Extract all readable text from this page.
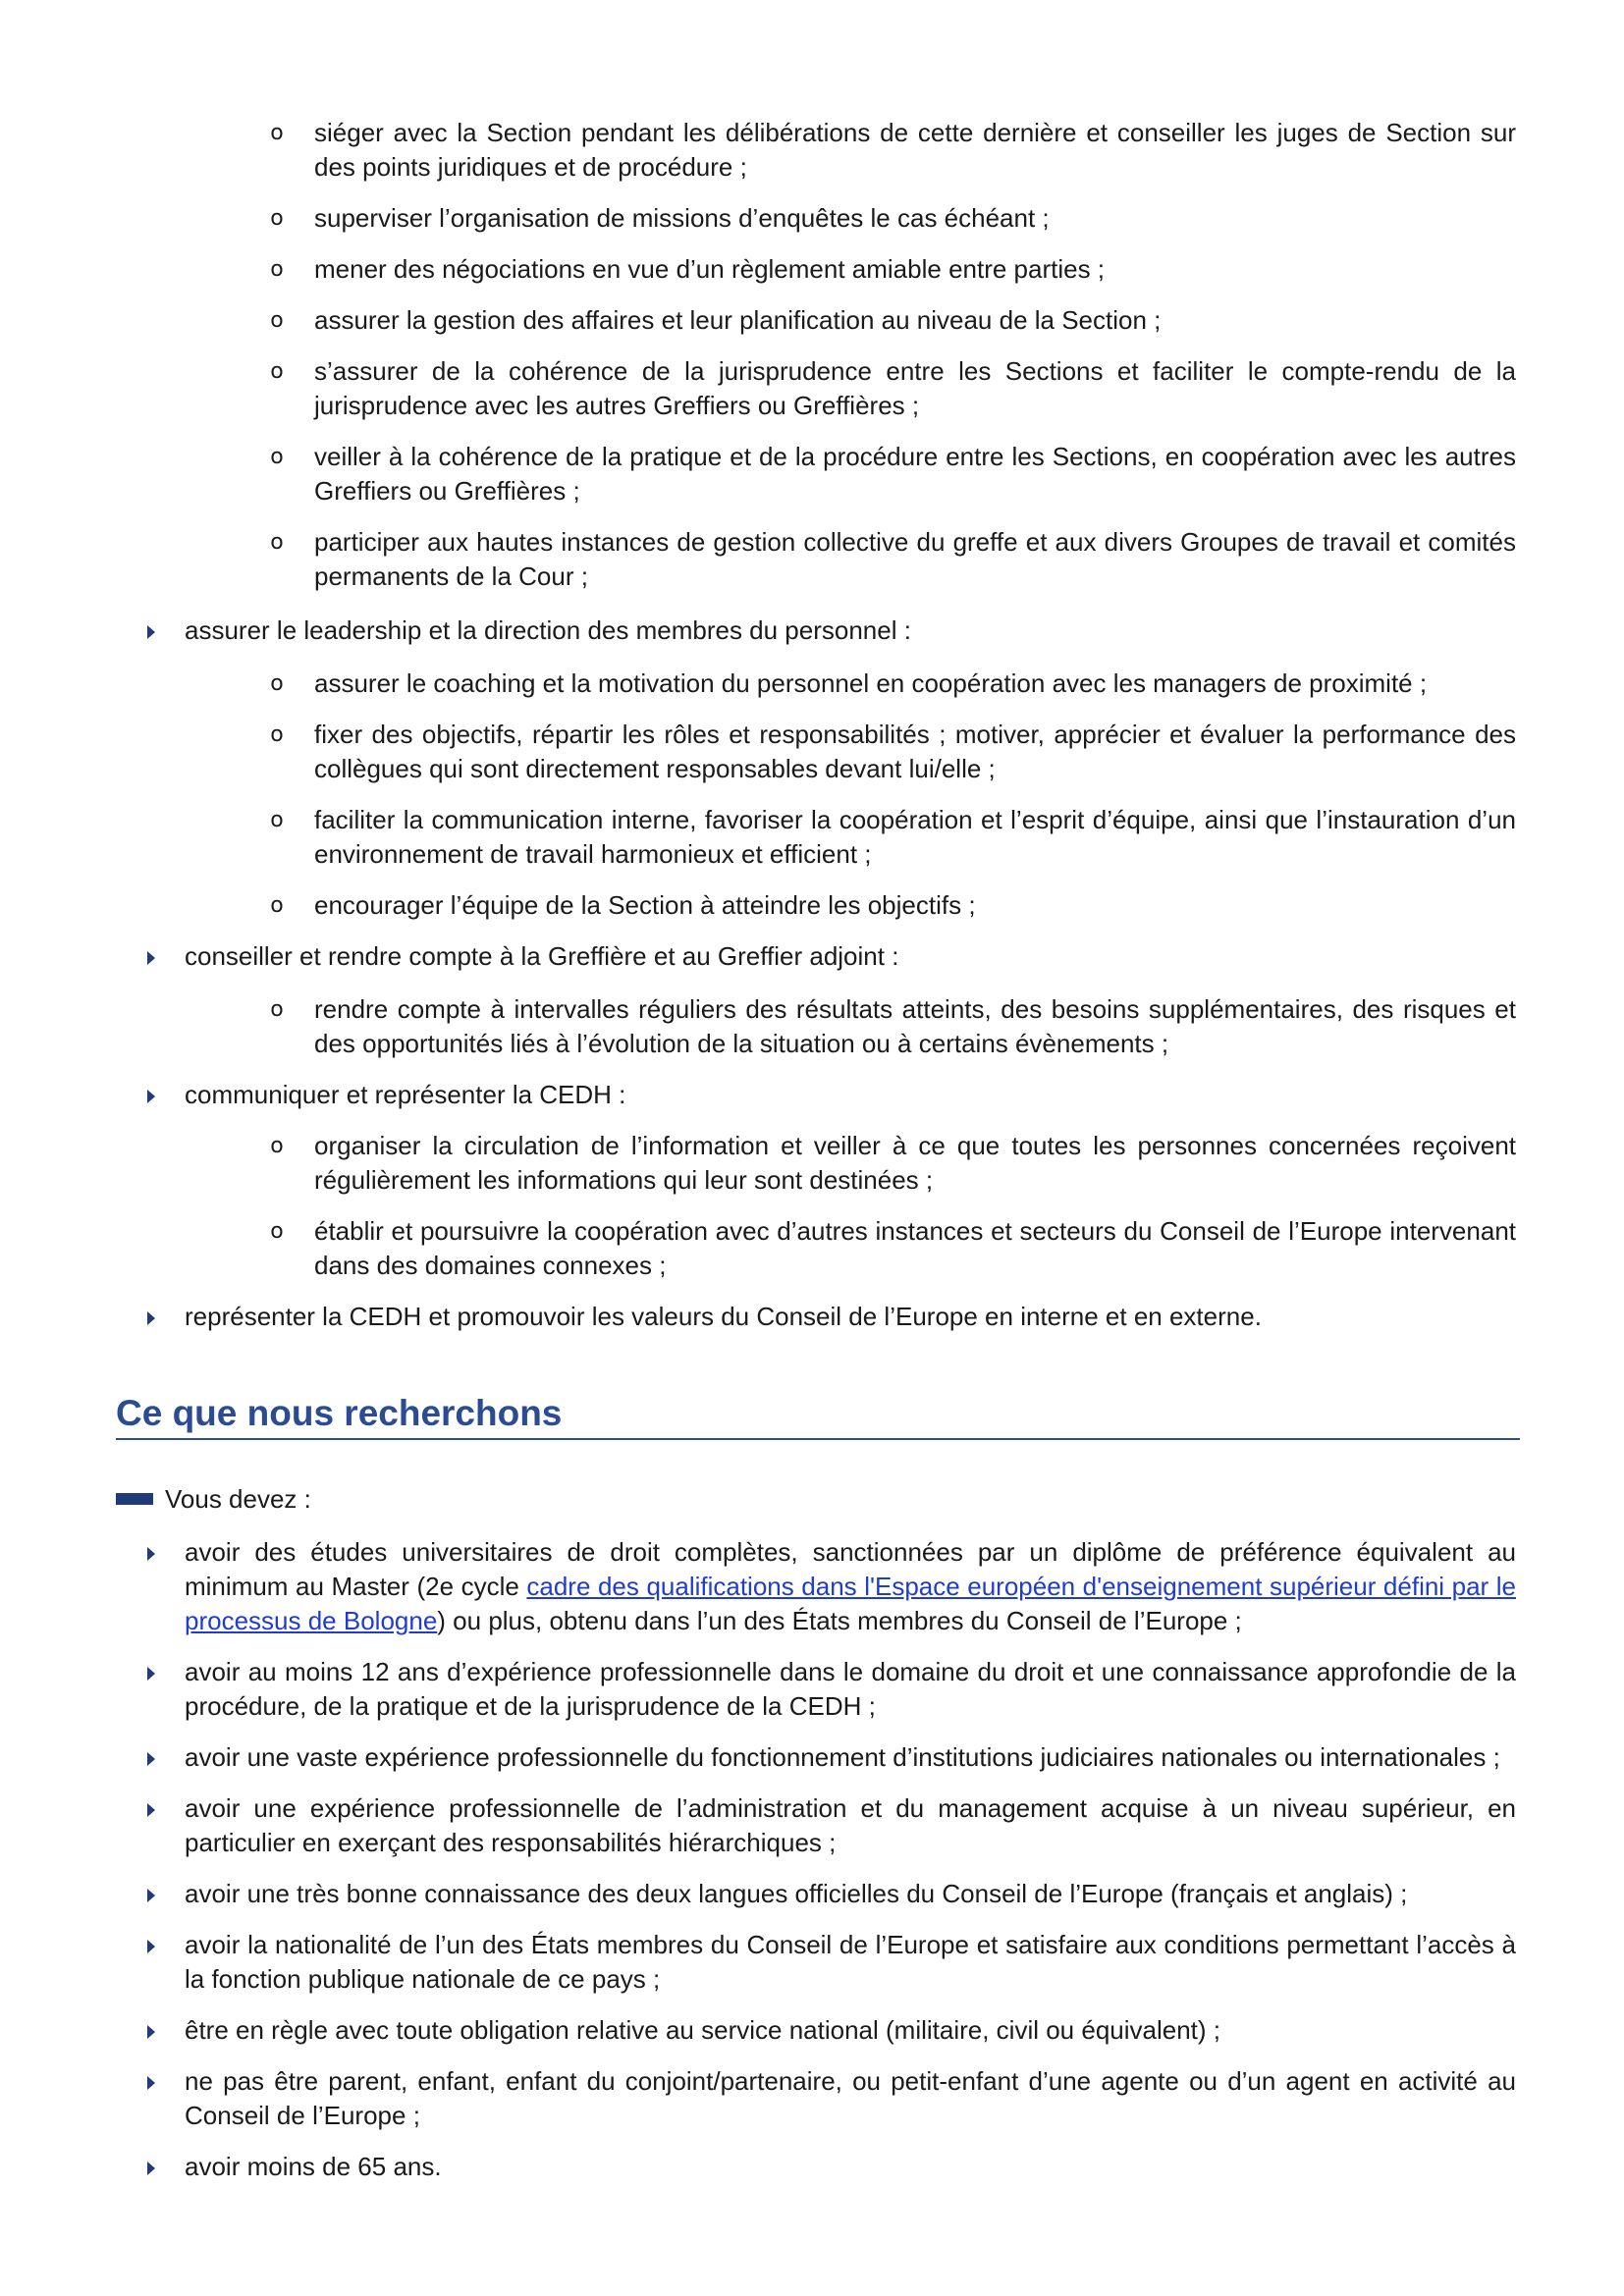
o siéger avec la Section pendant les délibérations de cette dernière et conseiller les juges de Section sur des points juridiques et de procédure ;
o superviser l’organisation de missions d’enquêtes le cas échéant ;
o mener des négociations en vue d’un règlement amiable entre parties ;
o assurer la gestion des affaires et leur planification au niveau de la Section ;
o s’assurer de la cohérence de la jurisprudence entre les Sections et faciliter le compte-rendu de la jurisprudence avec les autres Greffiers ou Greffières ;
o veiller à la cohérence de la pratique et de la procédure entre les Sections, en coopération avec les autres Greffiers ou Greffières ;
o participer aux hautes instances de gestion collective du greffe et aux divers Groupes de travail et comités permanents de la Cour ;
assurer le leadership et la direction des membres du personnel :
o assurer le coaching et la motivation du personnel en coopération avec les managers de proximité ;
o fixer des objectifs, répartir les rôles et responsabilités ; motiver, apprécier et évaluer la performance des collègues qui sont directement responsables devant lui/elle ;
o faciliter la communication interne, favoriser la coopération et l’esprit d’équipe, ainsi que l’instauration d’un environnement de travail harmonieux et efficient ;
o encourager l’équipe de la Section à atteindre les objectifs ;
conseiller et rendre compte à la Greffière et au Greffier adjoint :
o rendre compte à intervalles réguliers des résultats atteints, des besoins supplémentaires, des risques et des opportunités liés à l’évolution de la situation ou à certains évènements ;
communiquer et représenter la CEDH :
o organiser la circulation de l’information et veiller à ce que toutes les personnes concernées reçoivent régulièrement les informations qui leur sont destinées ;
o établir et poursuivre la coopération avec d’autres instances et secteurs du Conseil de l’Europe intervenant dans des domaines connexes ;
représenter la CEDH et promouvoir les valeurs du Conseil de l’Europe en interne et en externe.
Ce que nous recherchons
Vous devez :
avoir des études universitaires de droit complètes, sanctionnées par un diplôme de préférence équivalent au minimum au Master (2e cycle cadre des qualifications dans l'Espace européen d'enseignement supérieur défini par le processus de Bologne) ou plus, obtenu dans l’un des États membres du Conseil de l’Europe ;
avoir au moins 12 ans d’expérience professionnelle dans le domaine du droit et une connaissance approfondie de la procédure, de la pratique et de la jurisprudence de la CEDH ;
avoir une vaste expérience professionnelle du fonctionnement d’institutions judiciaires nationales ou internationales ;
avoir une expérience professionnelle de l’administration et du management acquise à un niveau supérieur, en particulier en exerçant des responsabilités hiérarchiques ;
avoir une très bonne connaissance des deux langues officielles du Conseil de l’Europe (français et anglais) ;
avoir la nationalité de l’un des États membres du Conseil de l’Europe et satisfaire aux conditions permettant l’accès à la fonction publique nationale de ce pays ;
être en règle avec toute obligation relative au service national (militaire, civil ou équivalent) ;
ne pas être parent, enfant, enfant du conjoint/partenaire, ou petit-enfant d’une agente ou d’un agent en activité au Conseil de l’Europe ;
avoir moins de 65 ans.
